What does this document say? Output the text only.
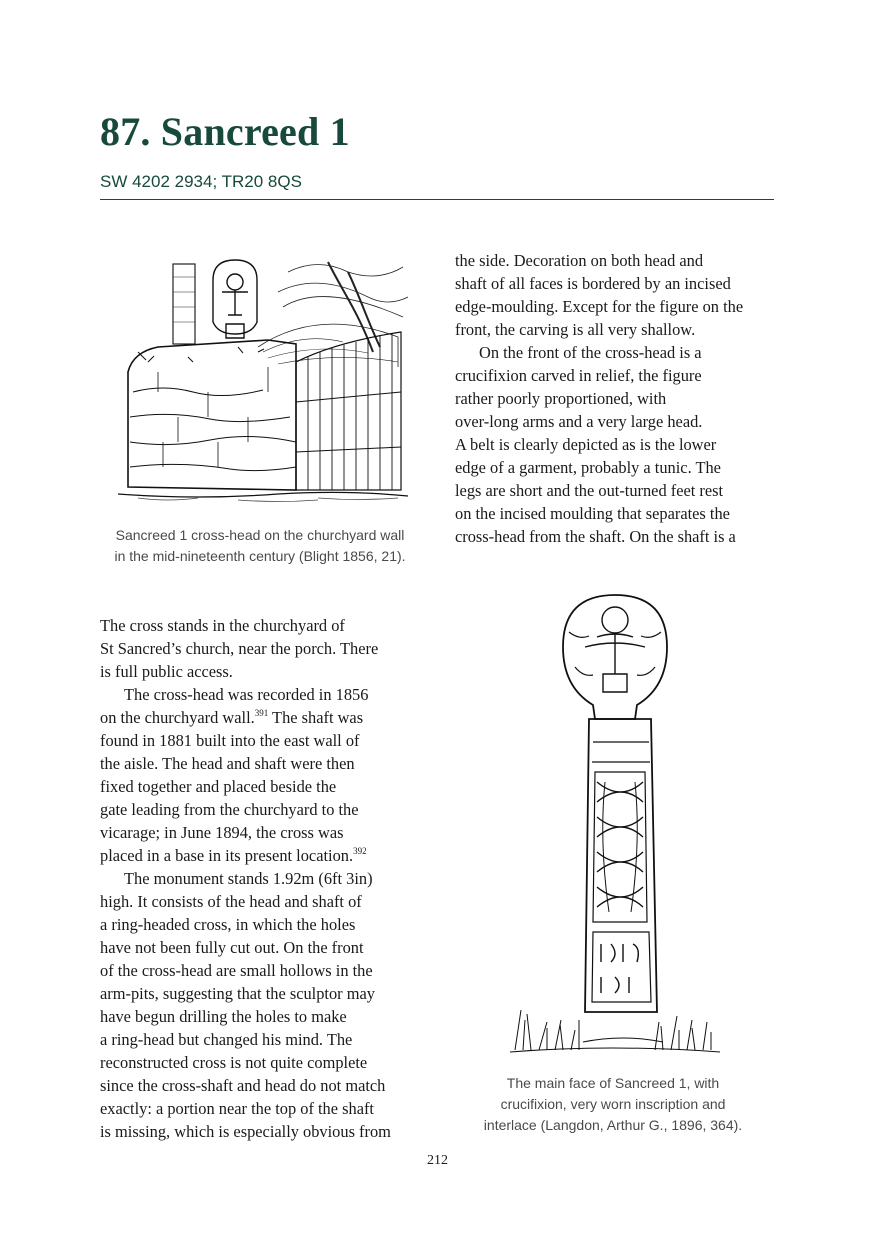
87. Sancreed 1
SW 4202 2934; TR20 8QS
Sancreed 1 cross-head on the churchyard wall
in the mid-nineteenth century (Blight 1856, 21).
the side. Decoration on both head and
shaft of all faces is bordered by an incised
edge-moulding. Except for the figure on the
front, the carving is all very shallow.
On the front of the cross-head is a
crucifixion carved in relief, the figure
rather poorly proportioned, with
over-long arms and a very large head.
A belt is clearly depicted as is the lower
edge of a garment, probably a tunic. The
legs are short and the out-turned feet rest
on the incised moulding that separates the
cross-head from the shaft. On the shaft is a
The cross stands in the churchyard of
St Sancred’s church, near the porch. There
is full public access.
The cross-head was recorded in 1856
on the churchyard wall.$^{391}$ The shaft was
found in 1881 built into the east wall of
the aisle. The head and shaft were then
fixed together and placed beside the
gate leading from the churchyard to the
vicarage; in June 1894, the cross was
placed in a base in its present location.$^{392}$
The monument stands 1.92m (6ft 3in)
high. It consists of the head and shaft of
a ring-headed cross, in which the holes
have not been fully cut out. On the front
of the cross-head are small hollows in the
arm-pits, suggesting that the sculptor may
have begun drilling the holes to make
a ring-head but changed his mind. The
reconstructed cross is not quite complete
since the cross-shaft and head do not match
exactly: a portion near the top of the shaft
is missing, which is especially obvious from
The main face of Sancreed 1, with
crucifixion, very worn inscription and
interlace (Langdon, Arthur G., 1896, 364).
212
